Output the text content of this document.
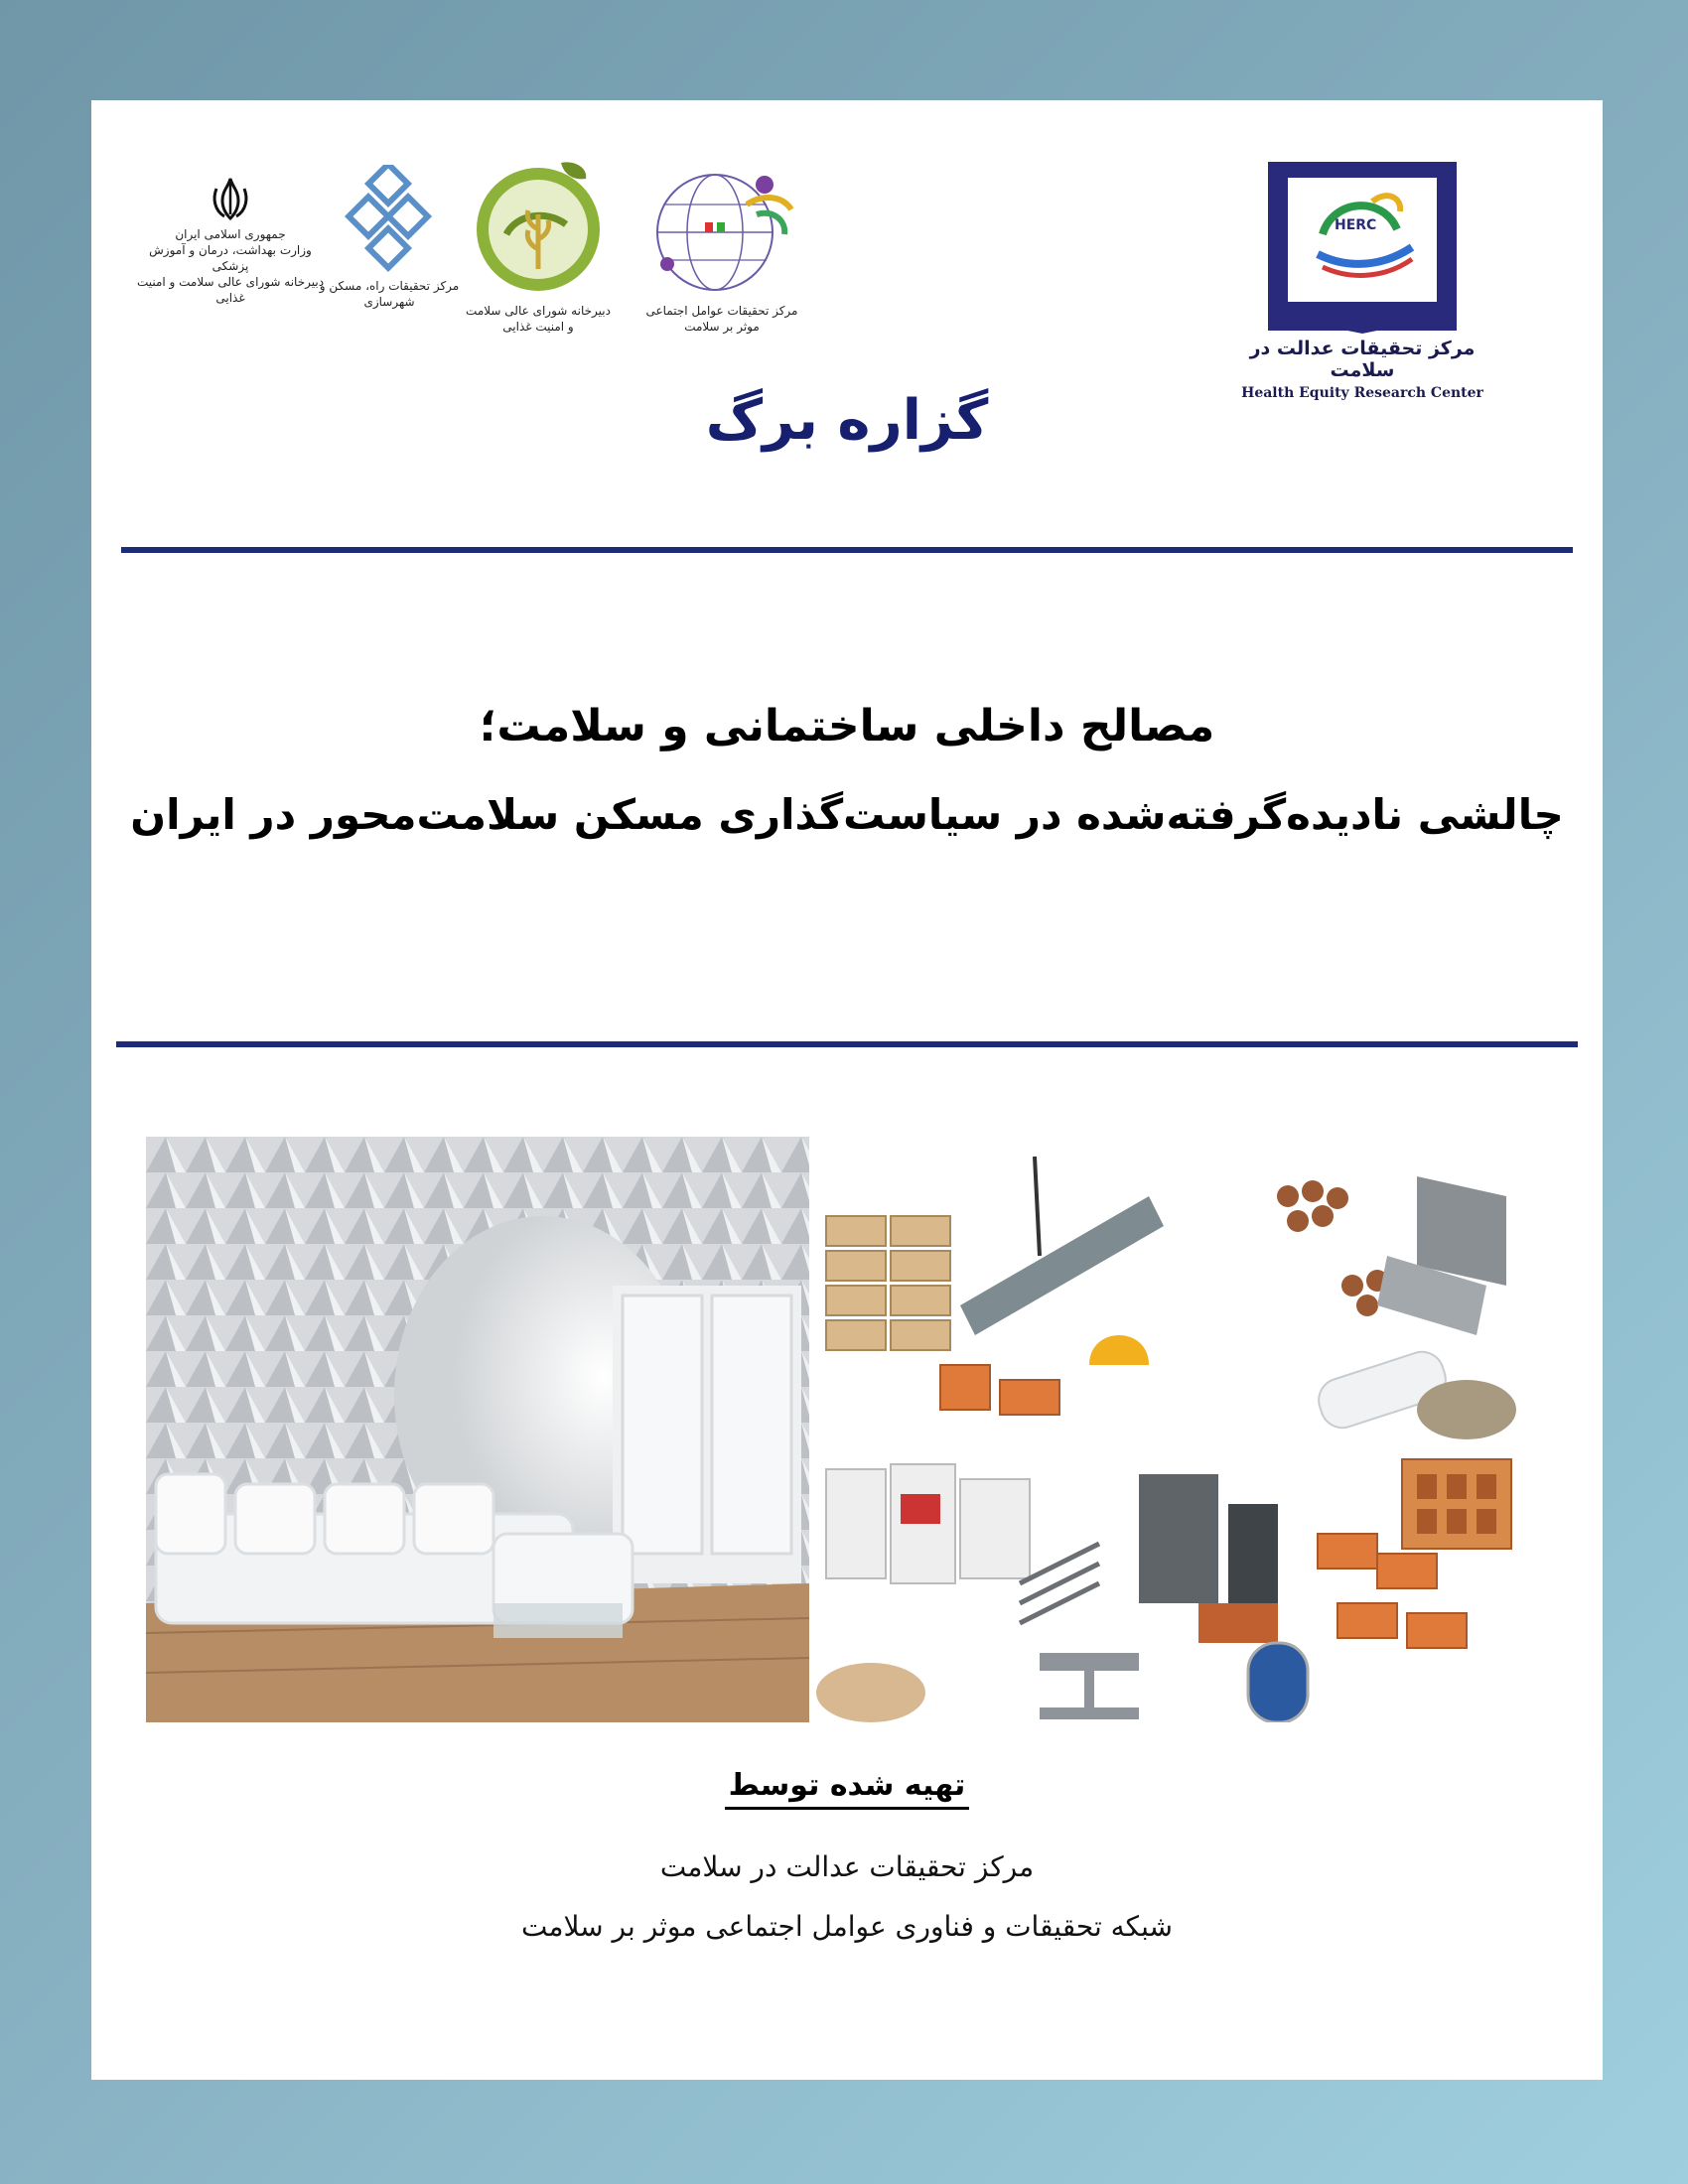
جمهوری اسلامی ایران
وزارت بهداشت، درمان و آموزش پزشکی
دبیرخانه شورای عالی سلامت و امنیت غذایی
مرکز تحقیقات راه، مسکن و شهرسازی
دبیرخانه شورای عالی سلامت و امنیت غذایی
مرکز تحقیقات عوامل اجتماعی موثر بر سلامت
HERC
مرکز تحقیقات عدالت در سلامت
Health Equity Research Center
گزاره برگ
مصالح داخلی ساختمانی و سلامت؛
چالشی نادیده‌گرفته‌شده در سیاست‌گذاری مسکن سلامت‌محور در ایران
تهیه شده توسط
مرکز تحقیقات عدالت در سلامت
شبکه تحقیقات و فناوری عوامل اجتماعی موثر بر سلامت
